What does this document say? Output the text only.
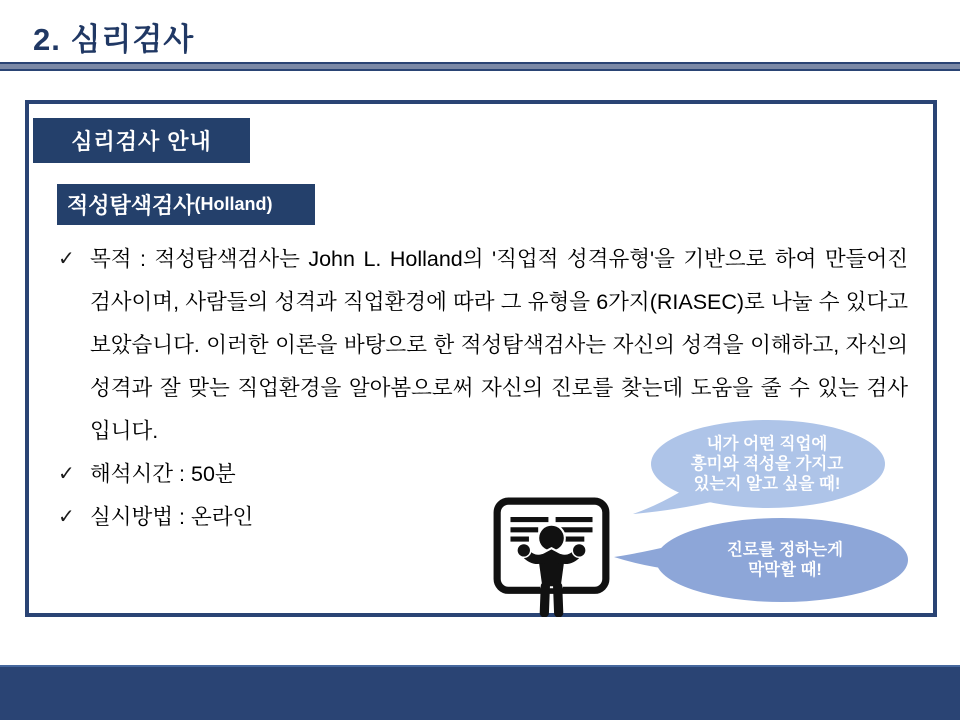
2. 심리검사
심리검사 안내
적성탐색검사 (Holland)
✓ 목적 : 적성탐색검사는 John L. Holland의 '직업적 성격유형'을 기반으로 하여 만들어진 검사이며, 사람들의 성격과 직업환경에 따라 그 유형을 6가지(RIASEC)로 나눌 수 있다고 보았습니다. 이러한 이론을 바탕으로 한 적성탐색검사는 자신의 성격을 이해하고, 자신의 성격과 잘 맞는 직업환경을 알아봄으로써 자신의 진로를 찾는데 도움을 줄 수 있는 검사입니다.

✓ 해석시간 : 50분

✓ 실시방법 : 온라인

내가 어떤 직업에
흥미와 적성을 가지고
있는지 알고 싶을 때!
진로를 정하는게
막막할 때!
